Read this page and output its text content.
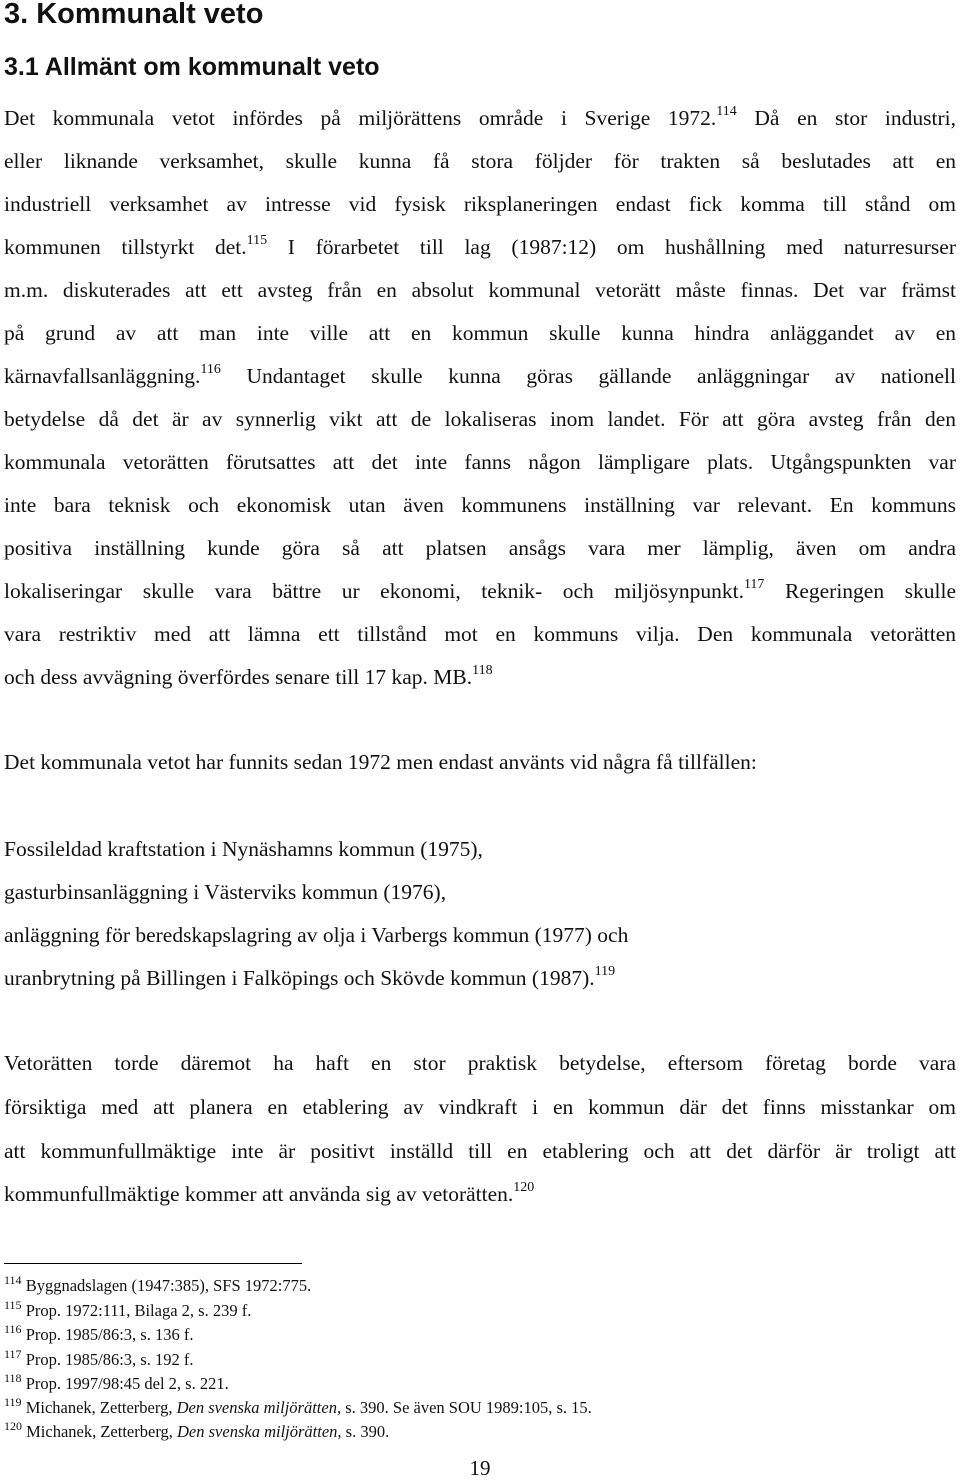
3. Kommunalt veto
3.1 Allmänt om kommunalt veto
Det kommunala vetot infördes på miljörättens område i Sverige 1972.$^{114}$ Då en stor industri,
eller liknande verksamhet, skulle kunna få stora följder för trakten så beslutades att en
industriell verksamhet av intresse vid fysisk riksplaneringen endast fick komma till stånd om
kommunen tillstyrkt det.$^{115}$ I förarbetet till lag (1987:12) om hushållning med naturresurser
m.m. diskuterades att ett avsteg från en absolut kommunal vetorätt måste finnas. Det var främst
på grund av att man inte ville att en kommun skulle kunna hindra anläggandet av en
kärnavfallsanläggning.$^{116}$ Undantaget skulle kunna göras gällande anläggningar av nationell
betydelse då det är av synnerlig vikt att de lokaliseras inom landet. För att göra avsteg från den
kommunala vetorätten förutsattes att det inte fanns någon lämpligare plats. Utgångspunkten var
inte bara teknisk och ekonomisk utan även kommunens inställning var relevant. En kommuns
positiva inställning kunde göra så att platsen ansågs vara mer lämplig, även om andra
lokaliseringar skulle vara bättre ur ekonomi, teknik- och miljösynpunkt.$^{117}$ Regeringen skulle
vara restriktiv med att lämna ett tillstånd mot en kommuns vilja. Den kommunala vetorätten
och dess avvägning överfördes senare till 17 kap. MB.$^{118}$
Det kommunala vetot har funnits sedan 1972 men endast använts vid några få tillfällen:
Fossileldad kraftstation i Nynäshamns kommun (1975),
gasturbinsanläggning i Västerviks kommun (1976),
anläggning för beredskapslagring av olja i Varbergs kommun (1977) och
uranbrytning på Billingen i Falköpings och Skövde kommun (1987).$^{119}$
Vetorätten torde däremot ha haft en stor praktisk betydelse, eftersom företag borde vara
försiktiga med att planera en etablering av vindkraft i en kommun där det finns misstankar om
att kommunfullmäktige inte är positivt inställd till en etablering och att det därför är troligt att
kommunfullmäktige kommer att använda sig av vetorätten.$^{120}$
$^{114}$ Byggnadslagen (1947:385), SFS 1972:775.
$^{115}$ Prop. 1972:111, Bilaga 2, s. 239 f.
$^{116}$ Prop. 1985/86:3, s. 136 f.
$^{117}$ Prop. 1985/86:3, s. 192 f.
$^{118}$ Prop. 1997/98:45 del 2, s. 221.
$^{119}$ Michanek, Zetterberg, Den svenska miljörätten, s. 390. Se även SOU 1989:105, s. 15.
$^{120}$ Michanek, Zetterberg, Den svenska miljörätten, s. 390.
19
